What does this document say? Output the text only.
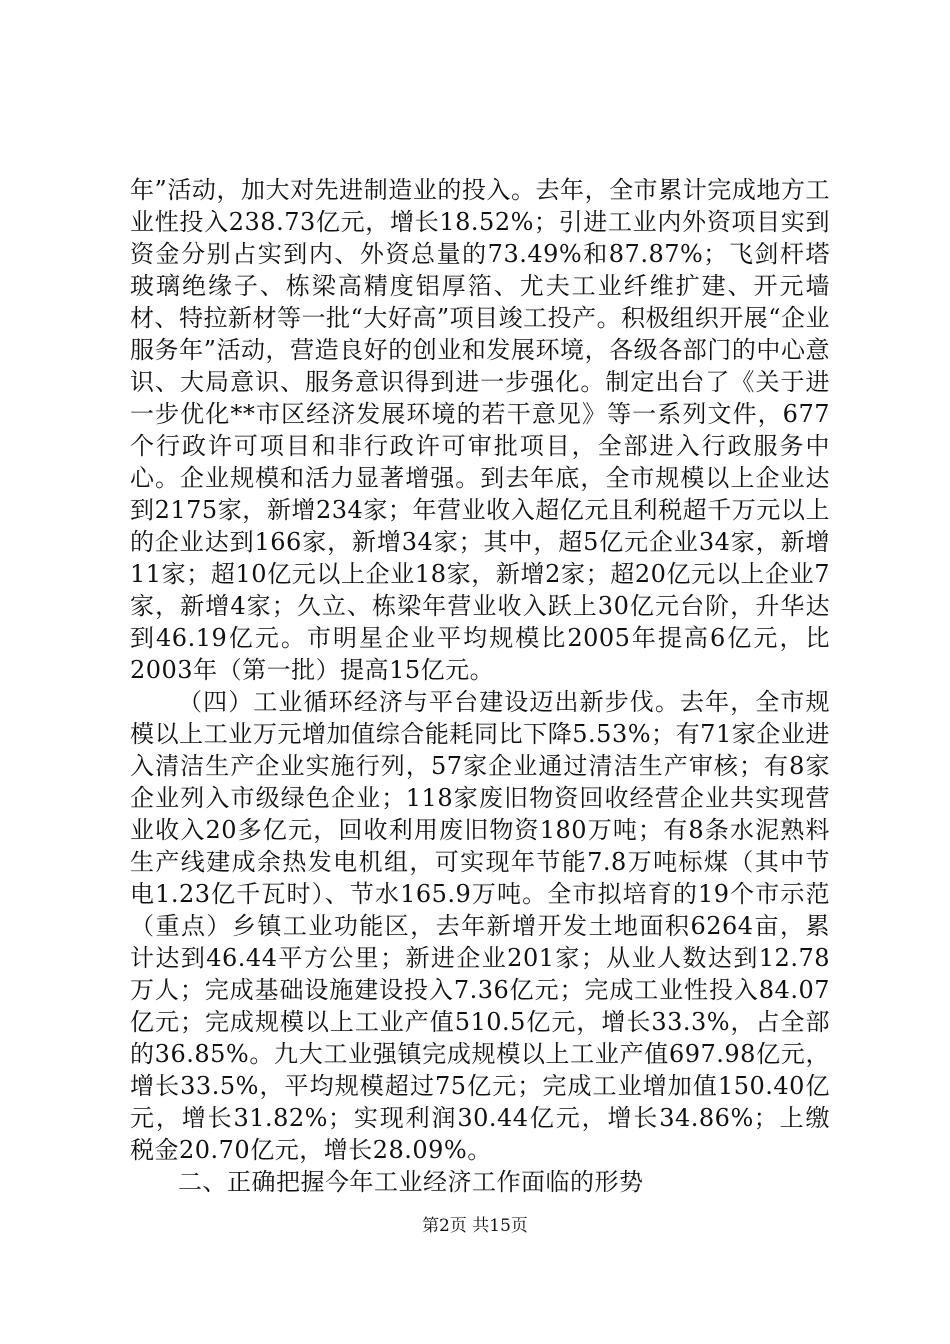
年”活动，加大对先进制造业的投入。去年，全市累计完成地方工业性投入238.73亿元，增长18.52%；引进工业内外资项目实到资金分别占实到内、外资总量的73.49%和87.87%；飞剑杆塔玻璃绝缘子、栋梁高精度铝厚箔、尤夫工业纤维扩建、开元墙材、特拉新材等一批“大好高”项目竣工投产。积极组织开展“企业服务年”活动，营造良好的创业和发展环境，各级各部门的中心意识、大局意识、服务意识得到进一步强化。制定出台了《关于进一步优化**市区经济发展环境的若干意见》等一系列文件，677个行政许可项目和非行政许可审批项目，全部进入行政服务中心。企业规模和活力显著增强。到去年底，全市规模以上企业达到2175家，新增234家；年营业收入超亿元且利税超千万元以上的企业达到166家，新增34家；其中，超5亿元企业34家，新增11家；超10亿元以上企业18家，新增2家；超20亿元以上企业7家，新增4家；久立、栋梁年营业收入跃上30亿元台阶，升华达到46.19亿元。市明星企业平均规模比2005年提高6亿元，比2003年（第一批）提高15亿元。

（四）工业循环经济与平台建设迈出新步伐。去年，全市规模以上工业万元增加值综合能耗同比下降5.53%；有71家企业进入清洁生产企业实施行列，57家企业通过清洁生产审核；有8家企业列入市级绿色企业；118家废旧物资回收经营企业共实现营业收入20多亿元，回收利用废旧物资180万吨；有8条水泥熟料生产线建成余热发电机组，可实现年节能7.8万吨标煤（其中节电1.23亿千瓦时）、节水165.9万吨。全市拟培育的19个市示范（重点）乡镇工业功能区，去年新增开发土地面积6264亩，累计达到46.44平方公里；新进企业201家；从业人数达到12.78万人；完成基础设施建设投入7.36亿元；完成工业性投入84.07亿元；完成规模以上工业产值510.5亿元，增长33.3%，占全部的36.85%。九大工业强镇完成规模以上工业产值697.98亿元，增长33.5%，平均规模超过75亿元；完成工业增加值150.40亿元，增长31.82%；实现利润30.44亿元，增长34.86%；上缴税金20.70亿元，增长28.09%。

二、正确把握今年工业经济工作面临的形势

第2页 共15页
